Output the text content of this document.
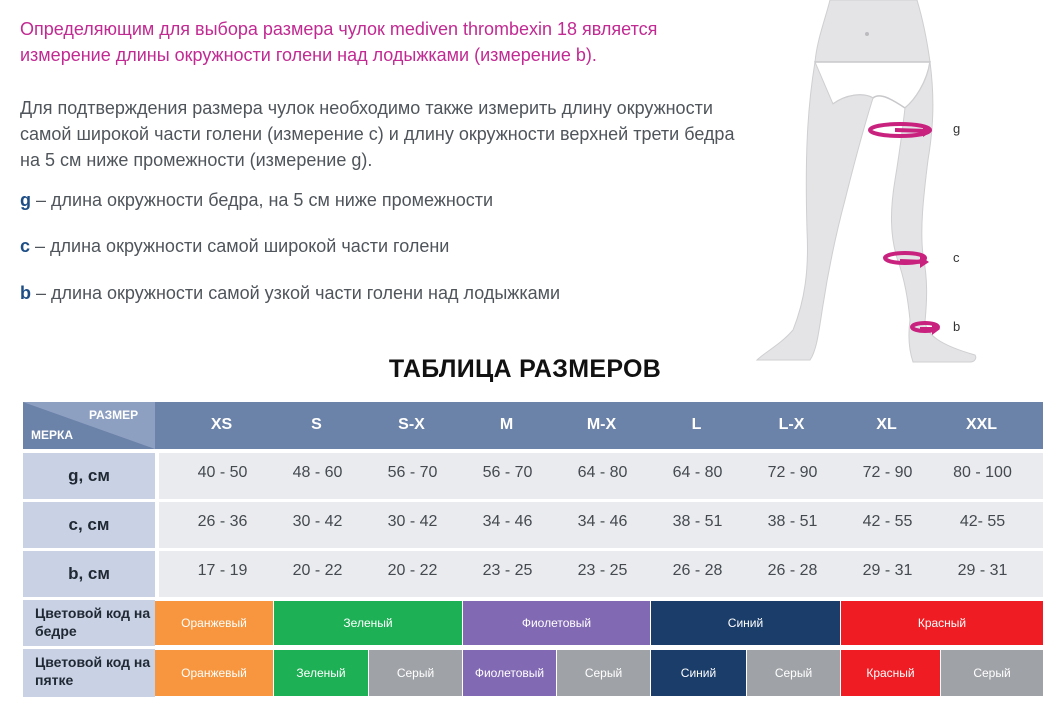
Определяющим для выбора размера чулок mediven thrombexin 18 является измерение длины окружности голени над лодыжками (измерение b).
Для подтверждения размера чулок необходимо также измерить длину окружности самой широкой части голени (измерение c) и длину окружности верхней трети бедра на 5 см ниже промежности (измерение g).
g – длина окружности бедра, на 5 см ниже промежности
c – длина окружности самой широкой части голени
b – длина окружности самой узкой части голени над лодыжками
g
c
b
ТАБЛИЦА РАЗМЕРОВ
РАЗМЕР
МЕРКА
XS	S	S-X	M	M-X	L	L-X	XL	XXL
g, см	40 - 50	48 - 60	56 - 70	56 - 70	64 - 80	64 - 80	72 - 90	72 - 90	80 - 100
c, см	26 - 36	30 - 42	30 - 42	34 - 46	34 - 46	38 - 51	38 - 51	42 - 55	42- 55
b, см	17 - 19	20 - 22	20 - 22	23 - 25	23 - 25	26 - 28	26 - 28	29 - 31	29 - 31
Цветовой код на бедре	Оранжевый	Зеленый	Фиолетовый	Синий	Красный
Цветовой код на пятке	Оранжевый	Зеленый	Серый	Фиолетовый	Серый	Синий	Серый	Красный	Серый
